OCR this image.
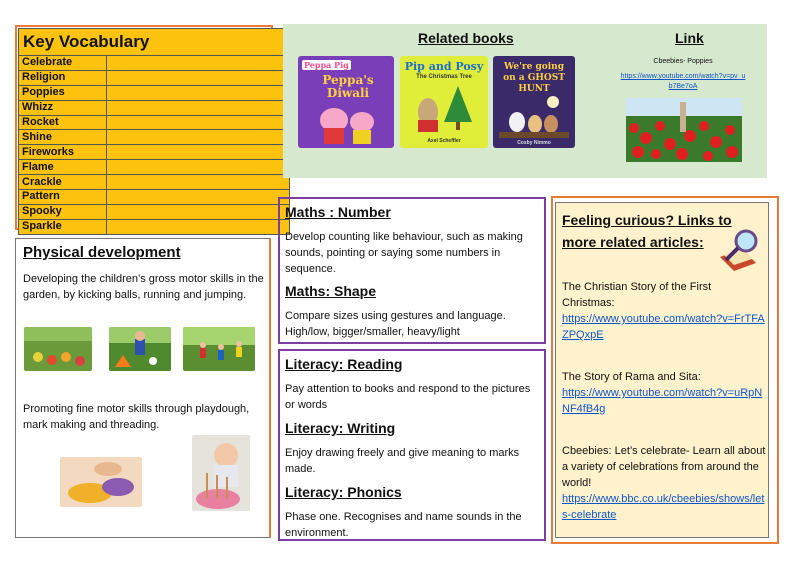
Key Vocabulary	
Celebrate	
Religion	
Poppies	
Whizz	
Rocket	
Shine	
Fireworks	
Flame	
Crackle	
Pattern	
Spooky	
Sparkle	
Physical development

Developing the children’s gross motor skills in the garden, by kicking balls, running and jumping.

Promoting fine motor skills through playdough, mark making and threading.

Related books
Peppa Pig
Peppa's Diwali
Pip and Posy
The Christmas Tree
Axel Scheffler
We're going on a GHOST HUNT
Cosby Nimmo
Link
Cbeebies- Poppies
https://www.youtube.com/watch?v=pv_ub7Be7oA
Maths : Number

Develop counting like behaviour, such as making sounds, pointing or saying some numbers in sequence.

Maths: Shape

Compare sizes using gestures and language. High/low, bigger/smaller, heavy/light

Literacy: Reading

Pay attention to books and respond to the pictures or words

Literacy: Writing

Enjoy drawing freely and give meaning to marks made.

Literacy: Phonics

Phase one. Recognises and name sounds in the environment.

Feeling curious? Links to more related articles:

The Christian Story of the First Christmas:

https://www.youtube.com/watch?v=FrTFAZPQxpE

The Story of Rama and Sita:

https://www.youtube.com/watch?v=uRpNNF4fB4g

Cbeebies: Let’s celebrate- Learn all about a variety of celebrations from around the world!

https://www.bbc.co.uk/cbeebies/shows/lets-celebrate
